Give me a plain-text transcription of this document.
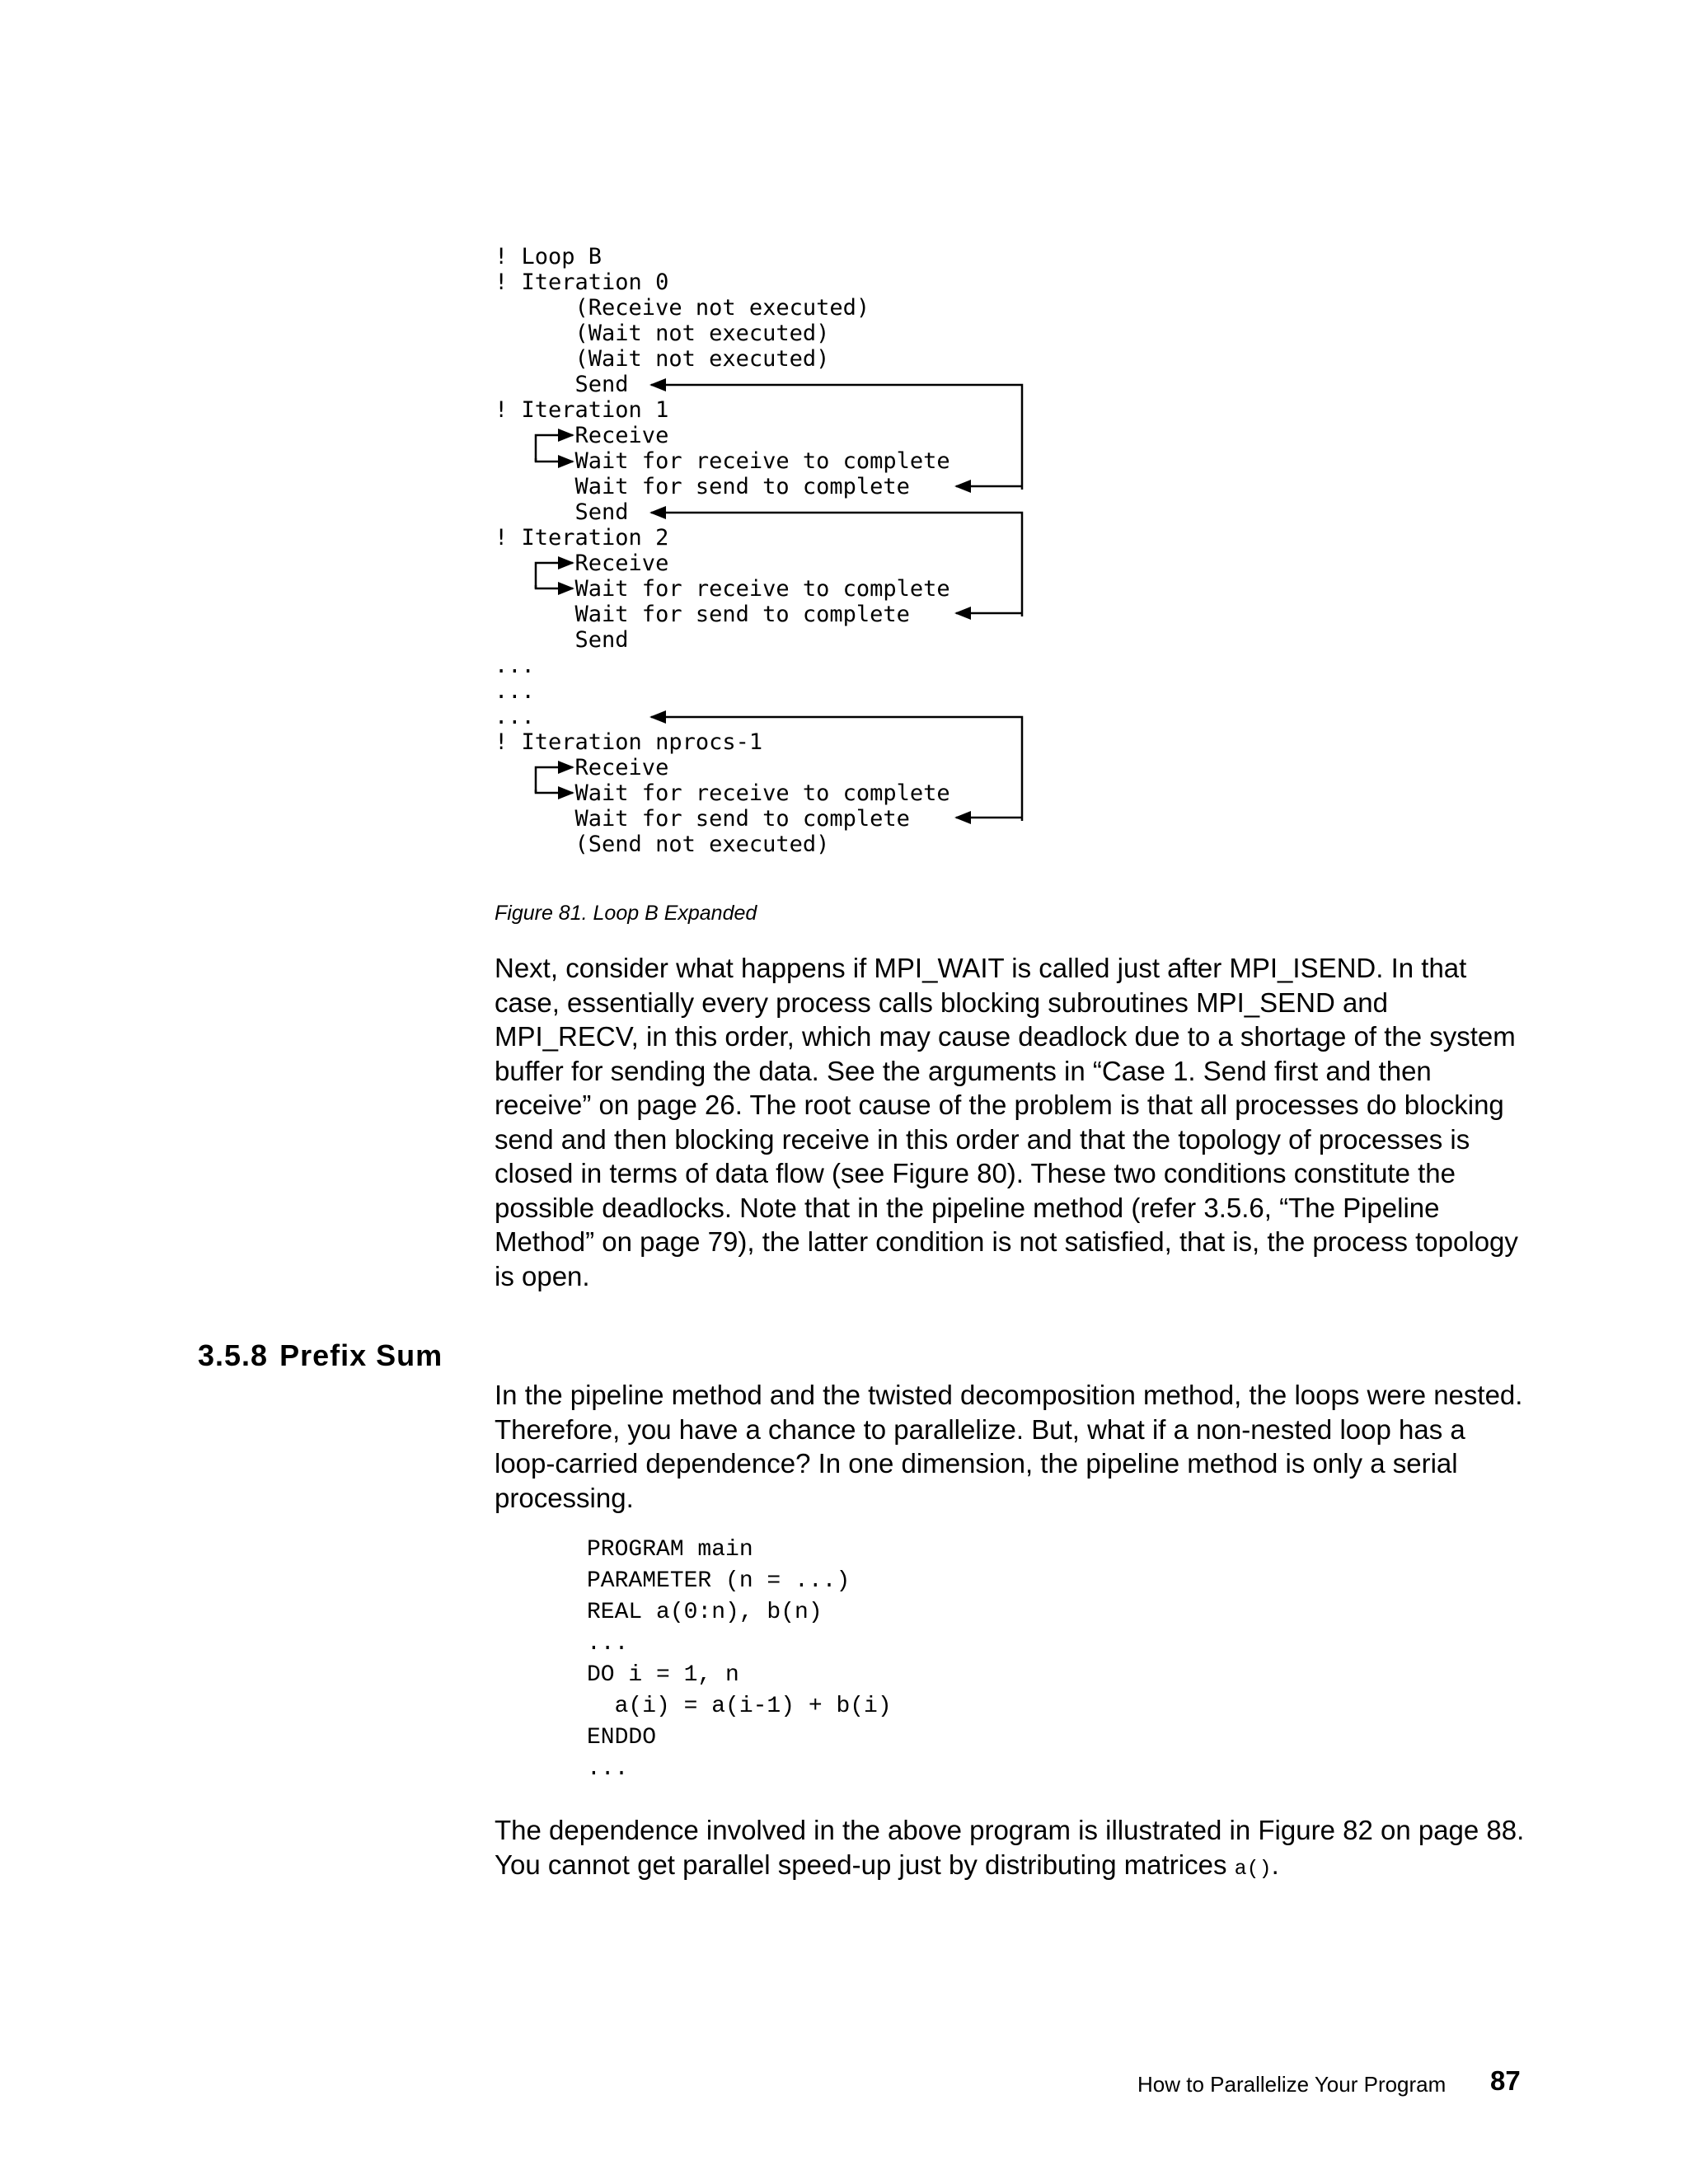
! Loop B
! Iteration 0
(Receive not executed)
(Wait not executed)
(Wait not executed)
Send
! Iteration 1
Receive
Wait for receive to complete
Wait for send to complete
Send
! Iteration 2
Receive
Wait for receive to complete
Wait for send to complete
Send
...
...
...
! Iteration nprocs-1
Receive
Wait for receive to complete
Wait for send to complete
(Send not executed)
Figure 81. Loop B Expanded

Next, consider what happens if MPI_WAIT is called just after MPI_ISEND. In that case, essentially every process calls blocking subroutines MPI_SEND and MPI_RECV, in this order, which may cause deadlock due to a shortage of the system buffer for sending the data. See the arguments in “Case 1. Send first and then receive” on page 26. The root cause of the problem is that all processes do blocking send and then blocking receive in this order and that the topology of processes is closed in terms of data flow (see Figure 80). These two conditions constitute the possible deadlocks. Note that in the pipeline method (refer 3.5.6, “The Pipeline Method” on page 79), the latter condition is not satisfied, that is, the process topology is open.

3.5.8 Prefix Sum

In the pipeline method and the twisted decomposition method, the loops were nested. Therefore, you have a chance to parallelize. But, what if a non-nested loop has a loop-carried dependence? In one dimension, the pipeline method is only a serial processing.

PROGRAM main
PARAMETER (n = ...)
REAL a(0:n), b(n)
...
DO i = 1, n
a(i) = a(i-1) + b(i)
ENDDO
...

The dependence involved in the above program is illustrated in Figure 82 on page 88. You cannot get parallel speed-up just by distributing matrices a().

How to Parallelize Your Program 87
